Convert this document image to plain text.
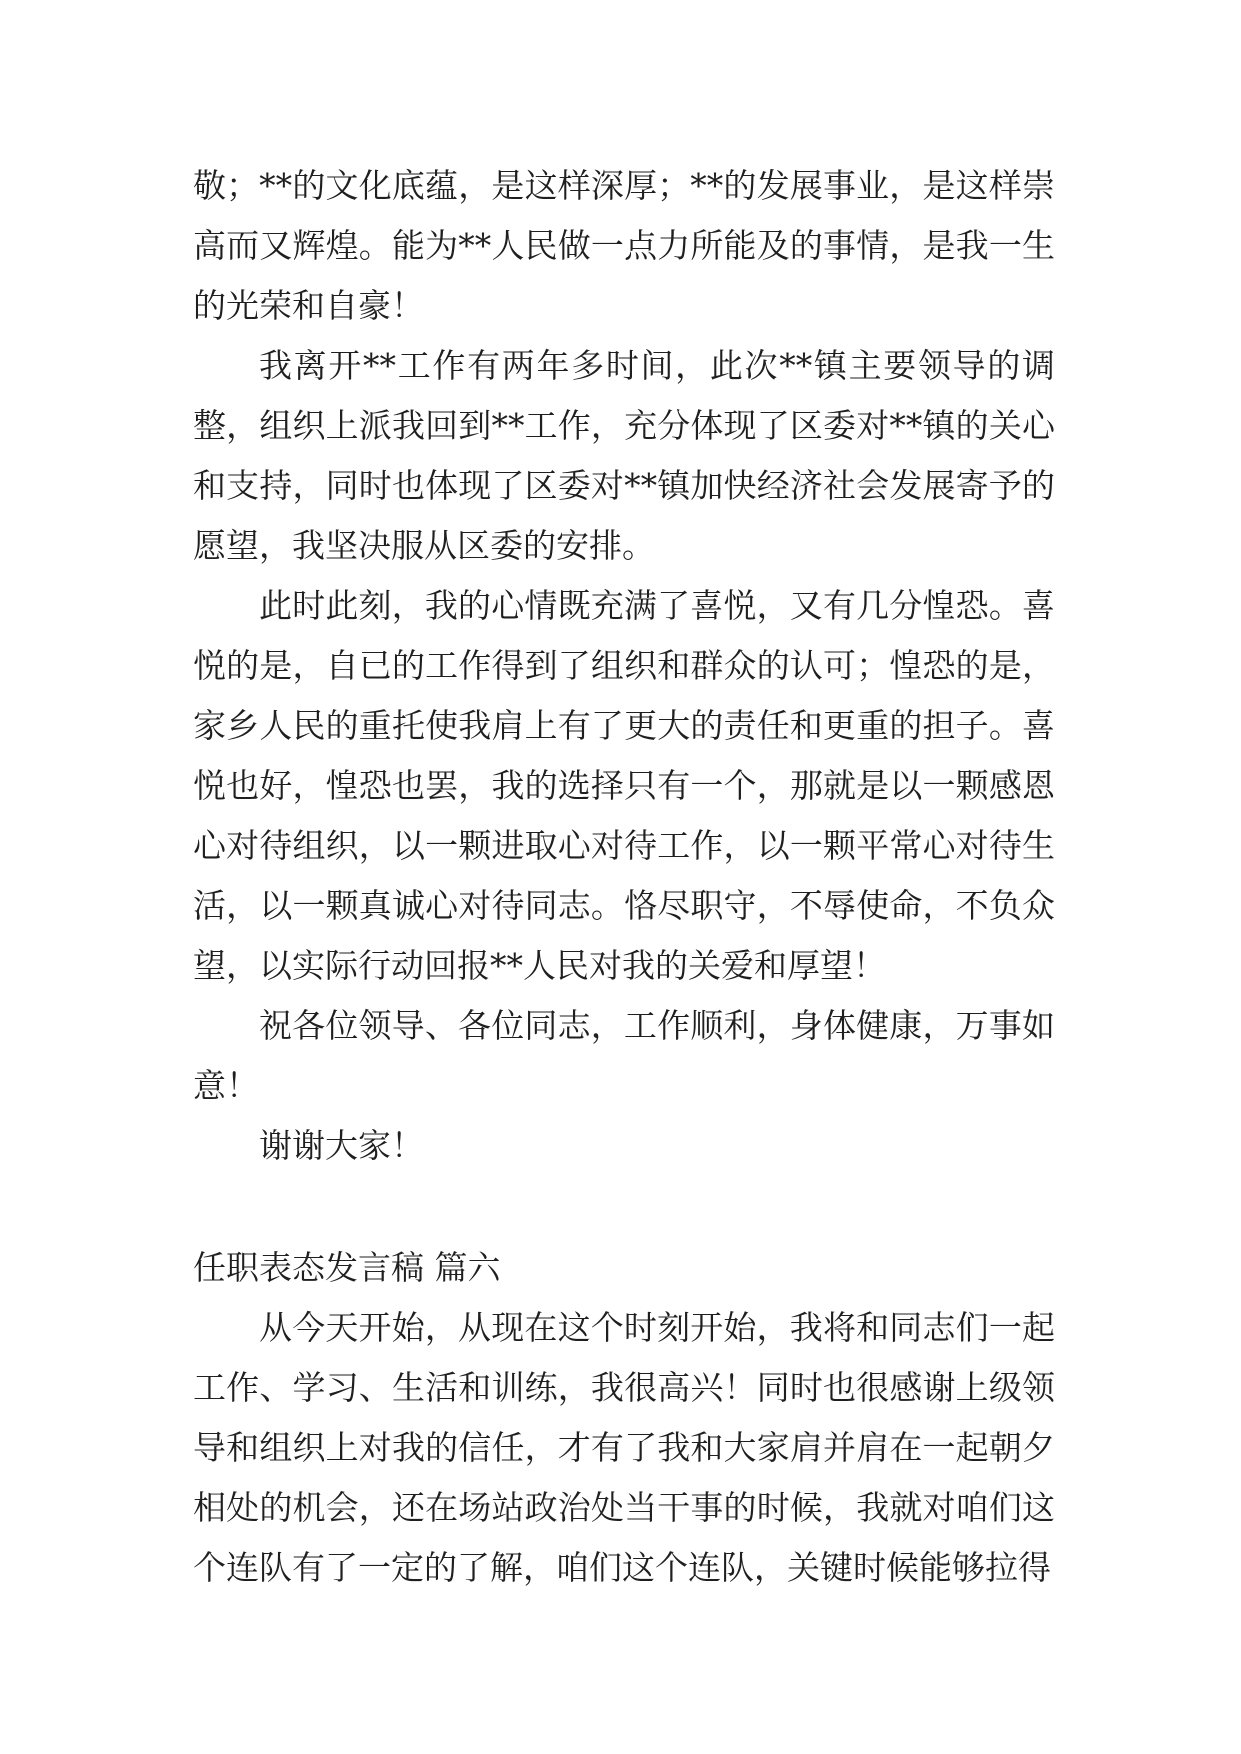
敬；**的文化底蕴，是这样深厚；**的发展事业，是这样崇高而又辉煌。能为**人民做一点力所能及的事情，是我一生的光荣和自豪！

我离开**工作有两年多时间，此次**镇主要领导的调整，组织上派我回到**工作，充分体现了区委对**镇的关心和支持，同时也体现了区委对**镇加快经济社会发展寄予的愿望，我坚决服从区委的安排。

此时此刻，我的心情既充满了喜悦，又有几分惶恐。喜悦的是，自已的工作得到了组织和群众的认可；惶恐的是，家乡人民的重托使我肩上有了更大的责任和更重的担子。喜悦也好，惶恐也罢，我的选择只有一个，那就是以一颗感恩心对待组织，以一颗进取心对待工作，以一颗平常心对待生活，以一颗真诚心对待同志。恪尽职守，不辱使命，不负众望，以实际行动回报**人民对我的关爱和厚望！

祝各位领导、各位同志，工作顺利，身体健康，万事如意！

谢谢大家！

任职表态发言稿 篇六

从今天开始，从现在这个时刻开始，我将和同志们一起工作、学习、生活和训练，我很高兴！同时也很感谢上级领导和组织上对我的信任，才有了我和大家肩并肩在一起朝夕相处的机会，还在场站政治处当干事的时候，我就对咱们这个连队有了一定的了解，咱们这个连队，关键时候能够拉得
